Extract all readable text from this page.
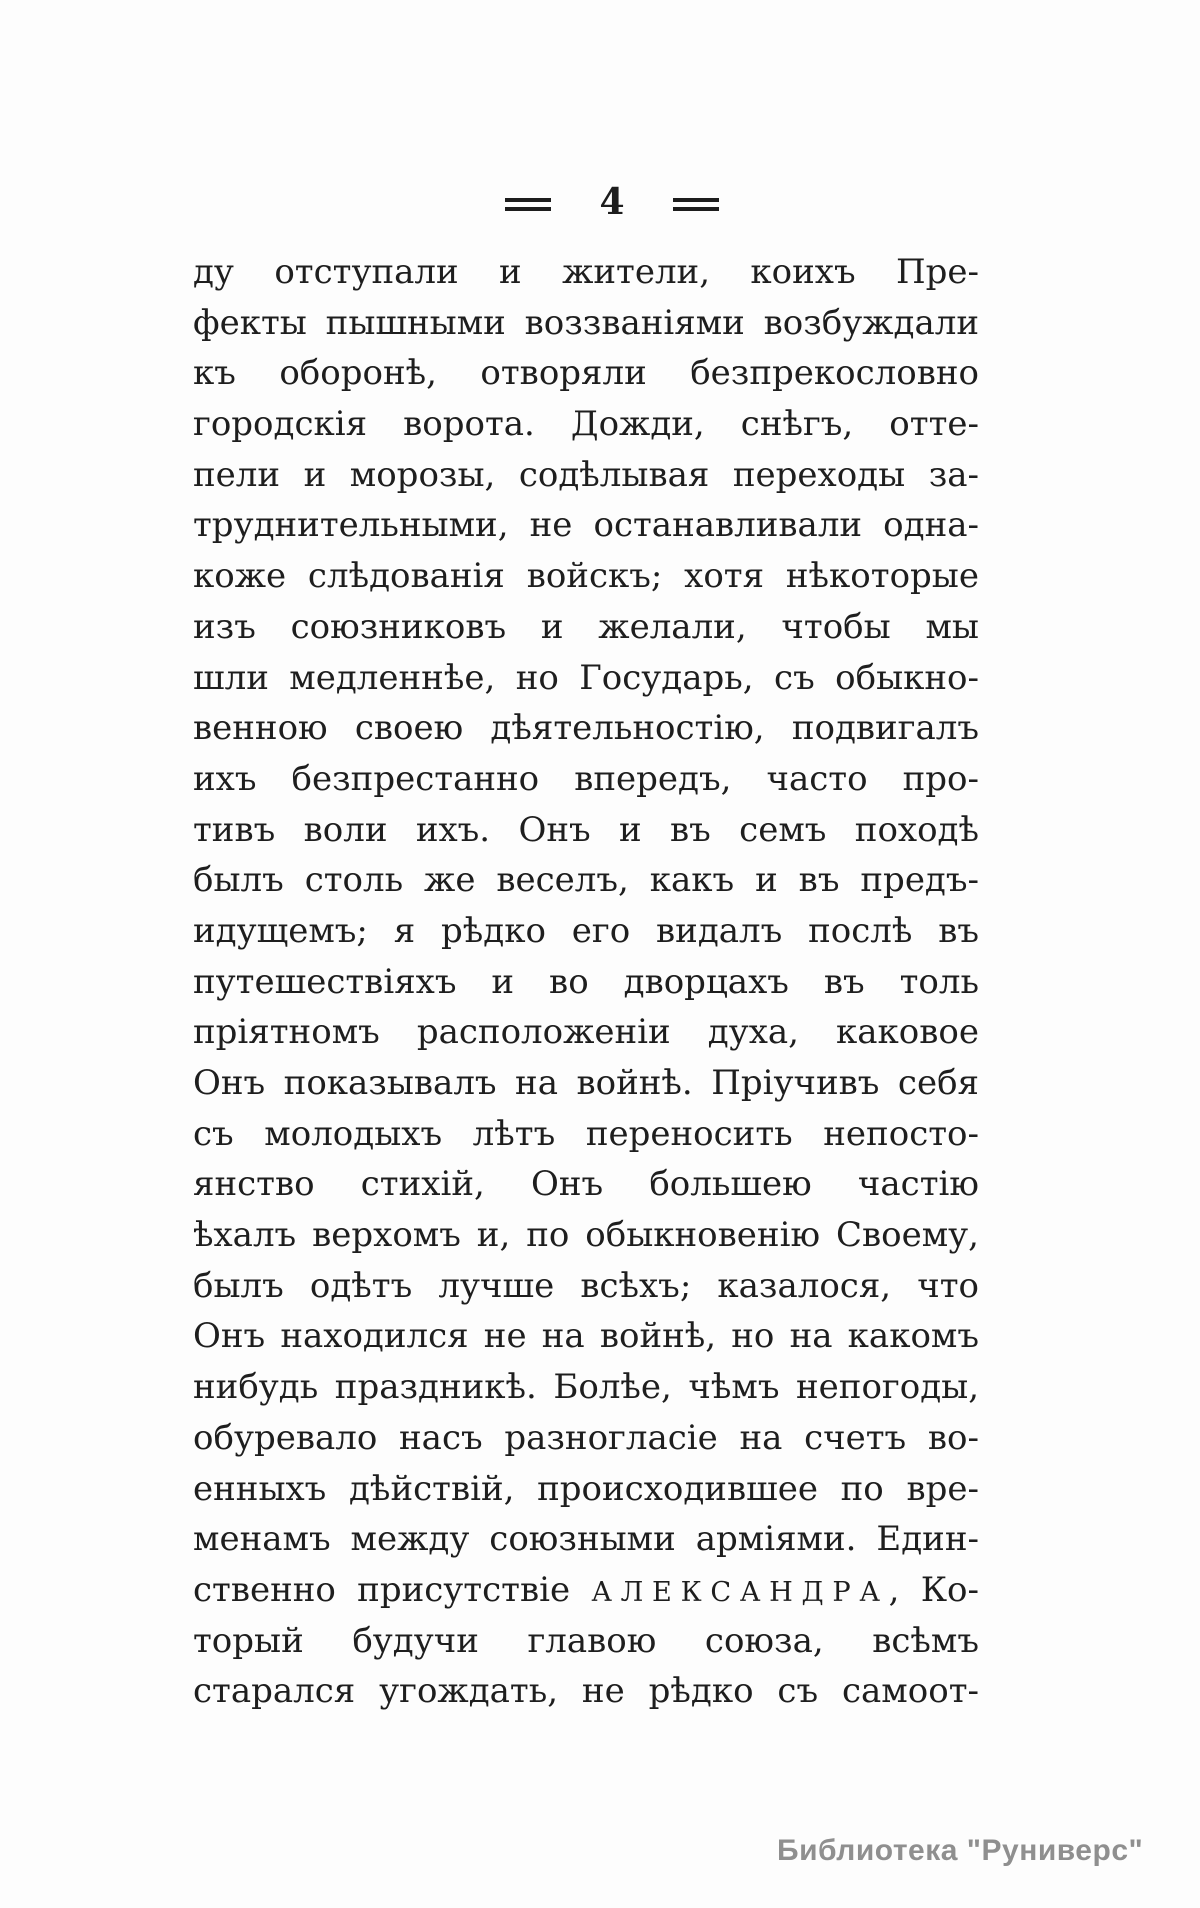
4
ду отступали и жители, коихъ Пре-
фекты пышными воззваніями возбуждали
къ оборонѣ, отворяли безпрекословно
городскія ворота. Дожди, снѣгъ, отте-
пели и морозы, содѣлывая переходы за-
труднительными, не останавливали одна-
коже слѣдованія войскъ; хотя нѣкоторые
изъ союзниковъ и желали, чтобы мы
шли медленнѣе, но Государь, съ обыкно-
венною своею дѣятельностію, подвигалъ
ихъ безпрестанно впередъ, часто про-
тивъ воли ихъ. Онъ и въ семъ походѣ
былъ столь же веселъ, какъ и въ предъ-
идущемъ; я рѣдко его видалъ послѣ въ
путешествіяхъ и во дворцахъ въ толь
пріятномъ расположеніи духа, каковое
Онъ показывалъ на войнѣ. Пріучивъ себя
съ молодыхъ лѣтъ переносить непосто-
янство стихій, Онъ большею частію
ѣхалъ верхомъ и, по обыкновенію Своему,
былъ одѣтъ лучше всѣхъ; казалося, что
Онъ находился не на войнѣ, но на какомъ
нибудь праздникѣ. Болѣе, чѣмъ непогоды,
обуревало насъ разногласіе на счетъ во-
енныхъ дѣйствій, происходившее по вре-
менамъ между союзными арміями. Един-
ственно присутствіе АЛЕКСАНДРА, Ко-
торый будучи главою союза, всѣмъ
старался угождать, не рѣдко съ самоот-
Библиотека "Руниверс"
